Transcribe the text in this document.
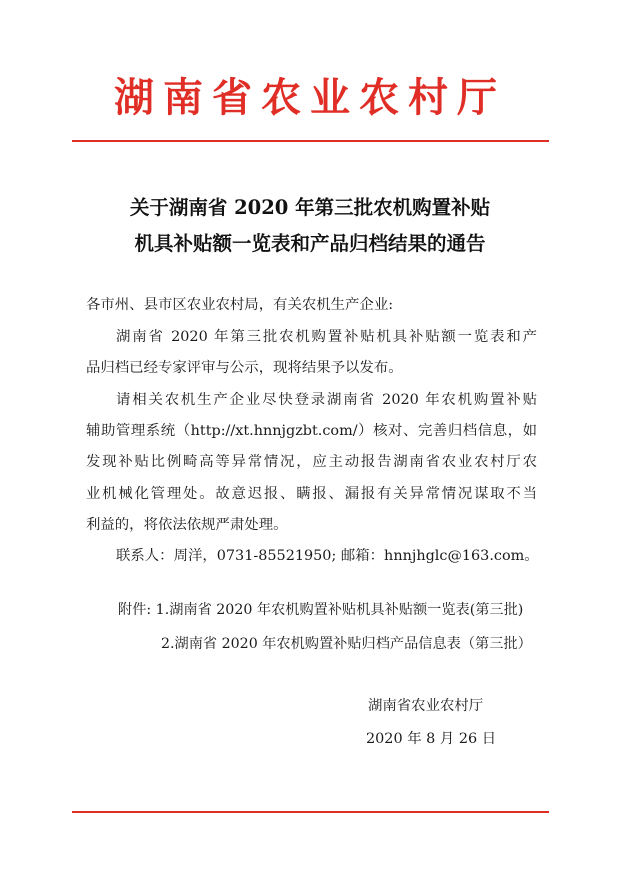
湖南省农业农村厅
关于湖南省 2020 年第三批农机购置补贴
机具补贴额一览表和产品归档结果的通告
各市州、县市区农业农村局，有关农机生产企业:
湖南省 2020 年第三批农机购置补贴机具补贴额一览表和产
品归档已经专家评审与公示，现将结果予以发布。
请相关农机生产企业尽快登录湖南省 2020 年农机购置补贴
辅助管理系统（http://xt.hnnjgzbt.com/）核对、完善归档信息，如
发现补贴比例畸高等异常情况，应主动报告湖南省农业农村厅农
业机械化管理处。故意迟报、瞒报、漏报有关异常情况谋取不当
利益的，将依法依规严肃处理。
联系人：周洋，0731-85521950; 邮箱：hnnjhglc@163.com。
附件: 1.湖南省 2020 年农机购置补贴机具补贴额一览表(第三批)
2.湖南省 2020 年农机购置补贴归档产品信息表（第三批）
湖南省农业农村厅
2020 年 8 月 26 日
